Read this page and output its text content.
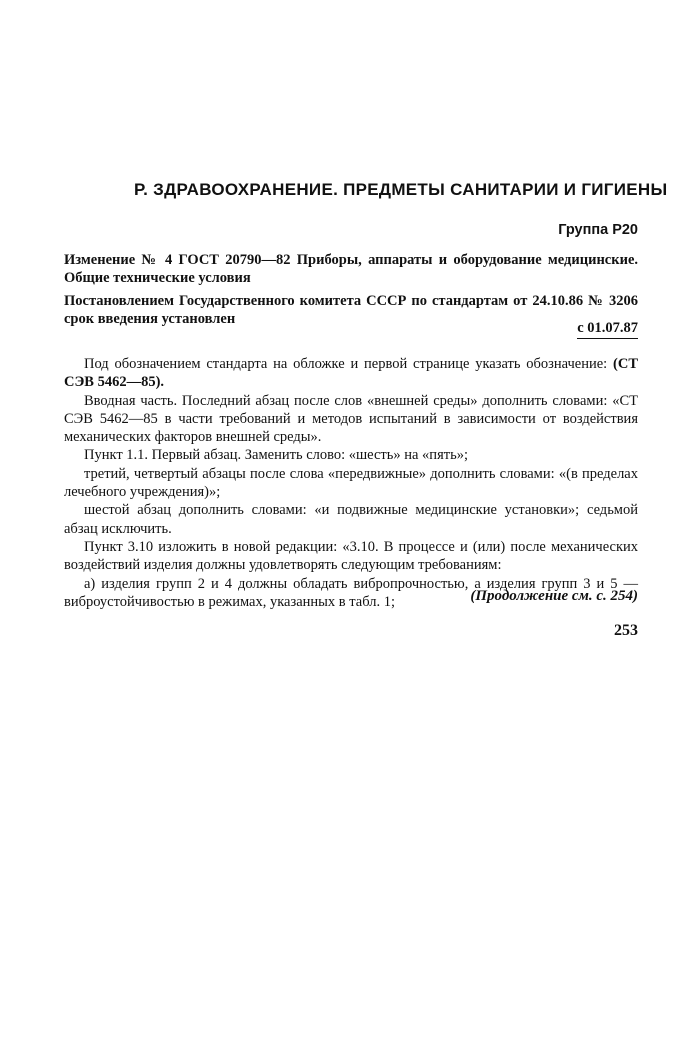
Р. ЗДРАВООХРАНЕНИЕ. ПРЕДМЕТЫ САНИТАРИИ И ГИГИЕНЫ
Группа Р20
Изменение № 4 ГОСТ 20790—82 Приборы, аппараты и оборудование медицинские. Общие технические условия
Постановлением Государственного комитета СССР по стандартам от 24.10.86 № 3206 срок введения установлен
с 01.07.87

Под обозначением стандарта на обложке и первой странице указать обозначение: (СТ СЭВ 5462—85).

Вводная часть. Последний абзац после слов «внешней среды» дополнить словами: «СТ СЭВ 5462—85 в части требований и методов испытаний в зависимости от воздействия механических факторов внешней среды».

Пункт 1.1. Первый абзац. Заменить слово: «шесть» на «пять»;

третий, четвертый абзацы после слова «передвижные» дополнить словами: «(в пределах лечебного учреждения)»;

шестой абзац дополнить словами: «и подвижные медицинские установки»; седьмой абзац исключить.

Пункт 3.10 изложить в новой редакции: «3.10. В процессе и (или) после механических воздействий изделия должны удовлетворять следующим требованиям:

а) изделия групп 2 и 4 должны обладать вибропрочностью, а изделия групп 3 и 5 — виброустойчивостью в режимах, указанных в табл. 1;	(Продолжение см. с. 254)
253
